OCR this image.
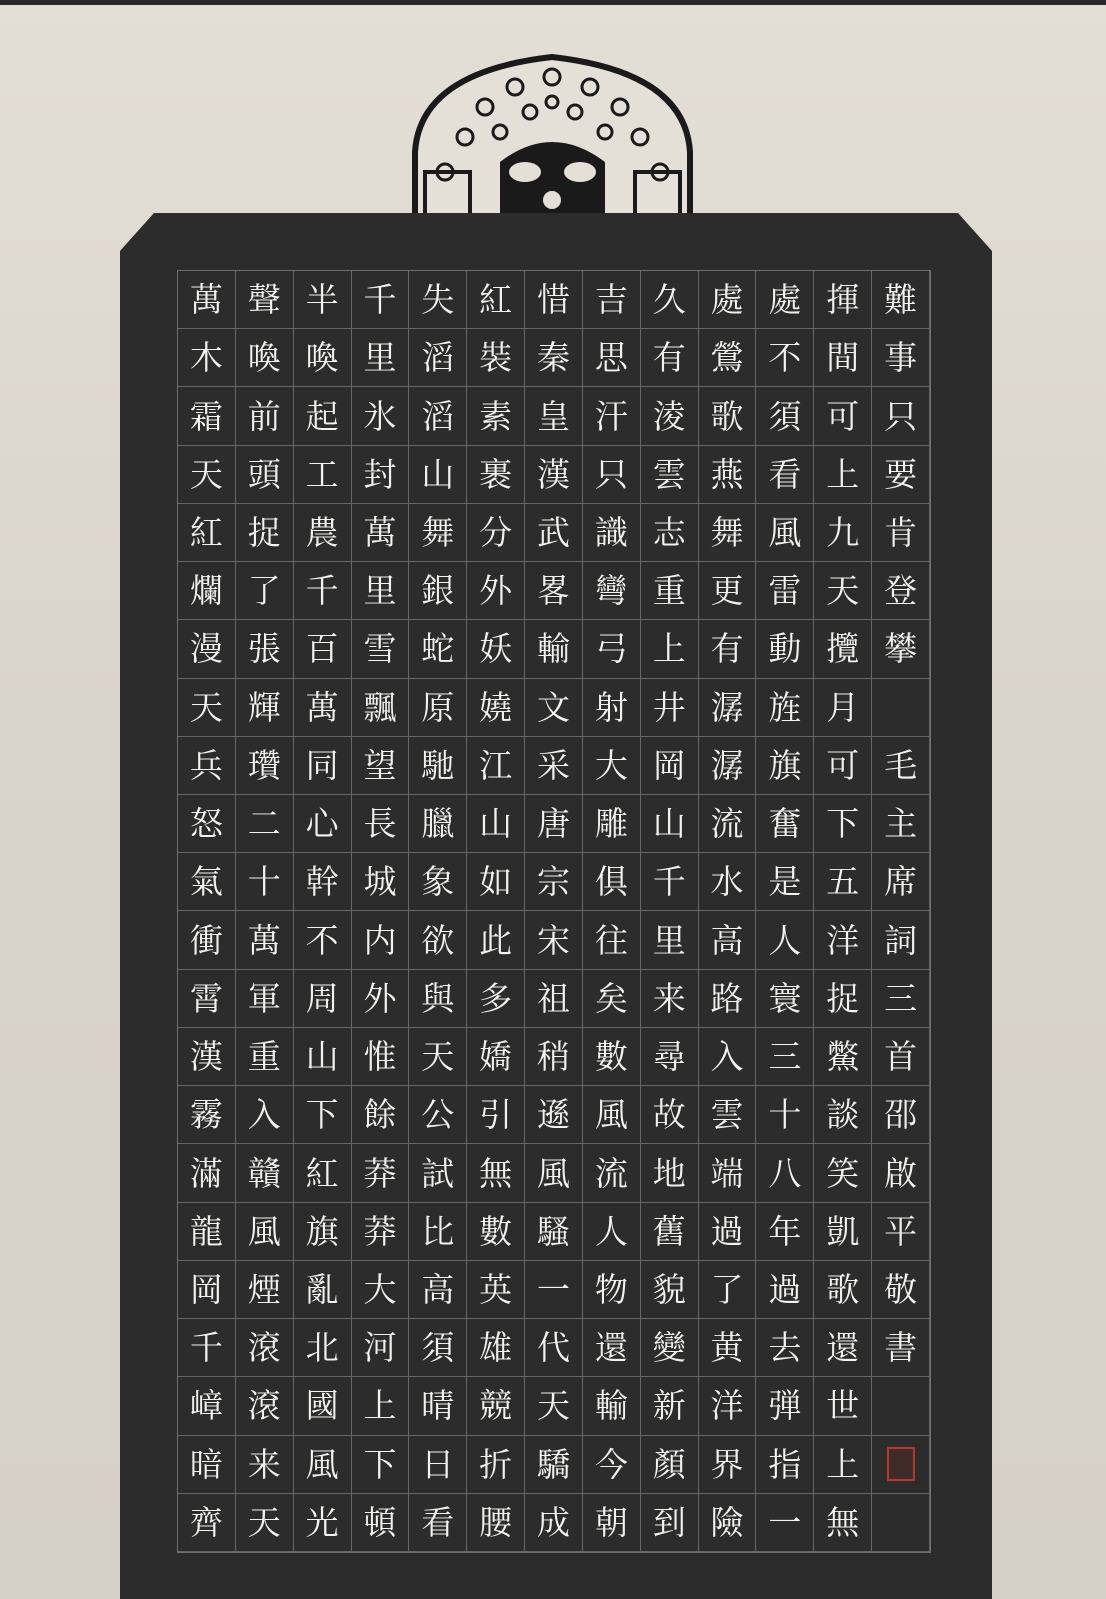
萬
木
霜
天
紅
爛
漫
天
兵
怒
氣
衝
霄
漢
霧
滿
龍
岡
千
嶂
暗
齊
聲
喚
前
頭
捉
了
張
輝
瓚
二
十
萬
軍
重
入
贛
風
煙
滾
滾
来
天
半
喚
起
工
農
千
百
萬
同
心
幹
不
周
山
下
紅
旗
亂
北
國
風
光
千
里
氷
封
萬
里
雪
飄
望
長
城
内
外
惟
餘
莽
莽
大
河
上
下
頓
失
滔
滔
山
舞
銀
蛇
原
馳
臘
象
欲
與
天
公
試
比
高
須
晴
日
看
紅
裝
素
裹
分
外
妖
嬈
江
山
如
此
多
嬌
引
無
數
英
雄
競
折
腰
惜
秦
皇
漢
武
畧
輸
文
采
唐
宗
宋
祖
稍
遜
風
騷
一
代
天
驕
成
吉
思
汗
只
識
彎
弓
射
大
雕
俱
往
矣
數
風
流
人
物
還
輸
今
朝
久
有
淩
雲
志
重
上
井
岡
山
千
里
来
尋
故
地
舊
貌
變
新
顏
到
處
鶯
歌
燕
舞
更
有
潺
潺
流
水
高
路
入
雲
端
過
了
黄
洋
界
險
處
不
須
看
風
雷
動
旌
旗
奮
是
人
寰
三
十
八
年
過
去
弾
指
一
揮
間
可
上
九
天
攬
月
可
下
五
洋
捉
鱉
談
笑
凱
歌
還
世
上
無
難
事
只
要
肯
登
攀
毛
主
席
詞
三
首
邵
啟
平
敬
書
